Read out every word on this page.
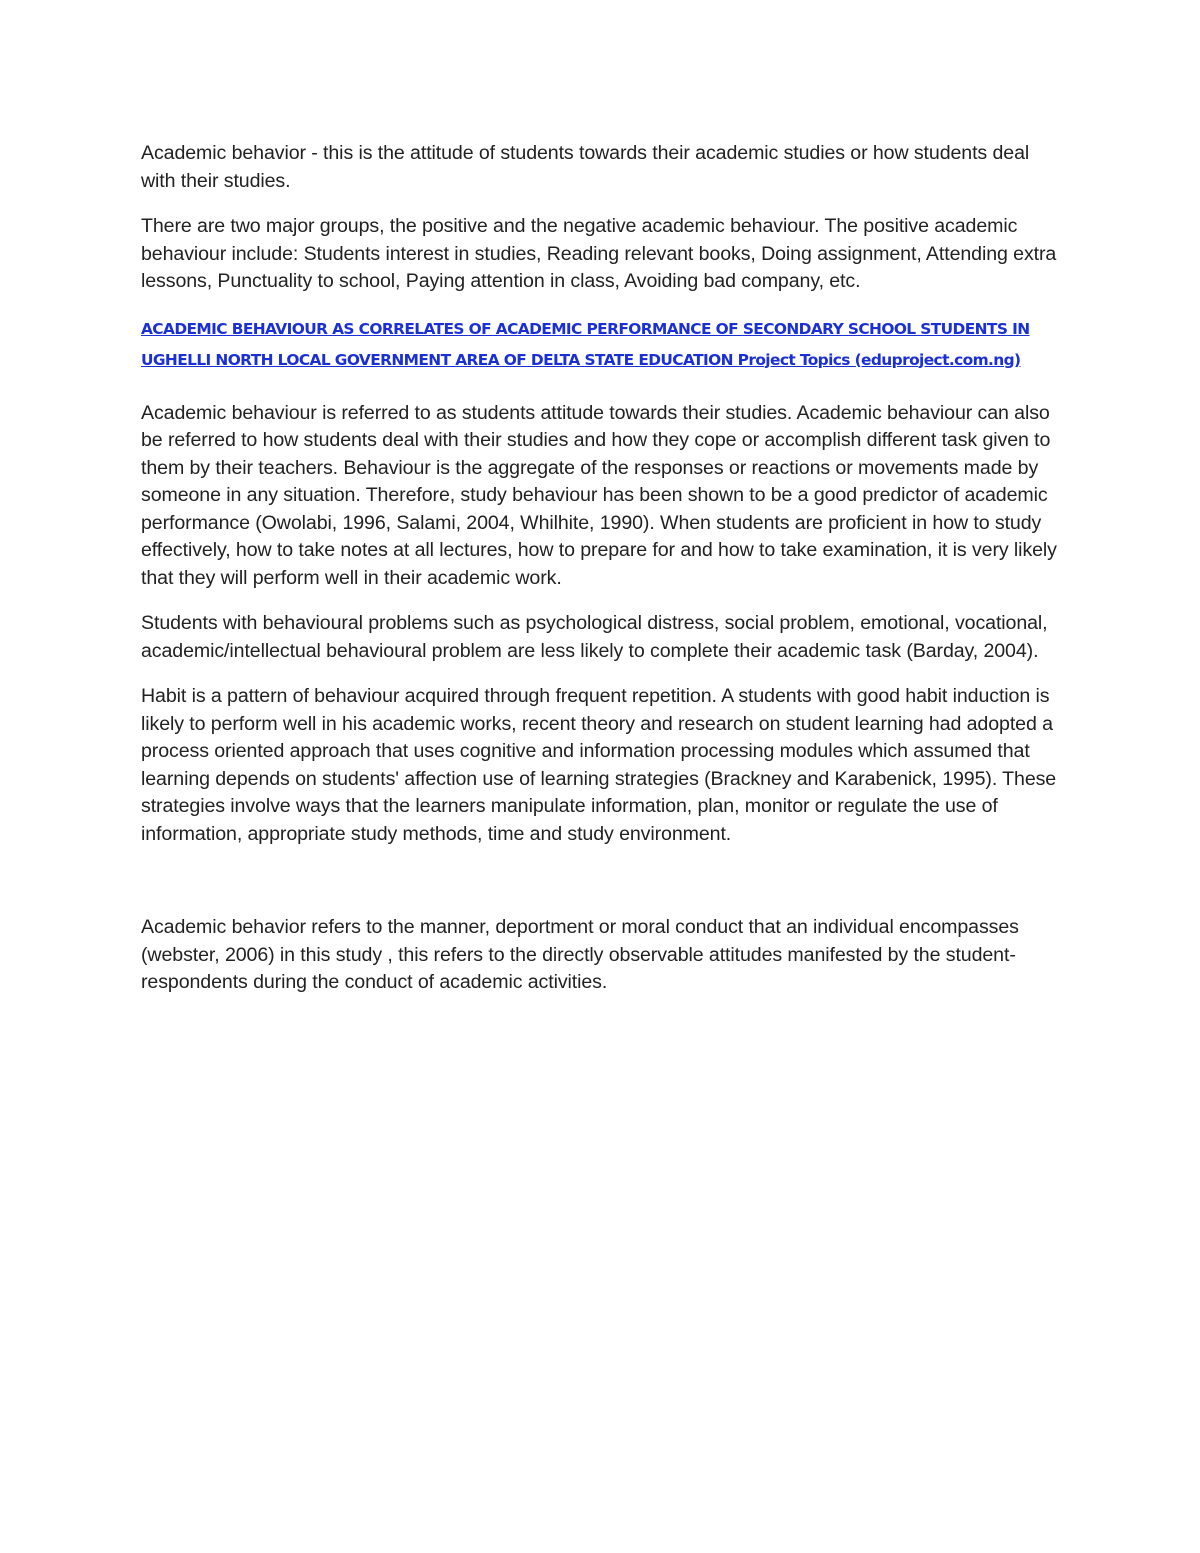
Academic behavior - this is the attitude of students towards their academic studies or how students deal with their studies.

There are two major groups, the positive and the negative academic behaviour. The positive academic behaviour include: Students interest in studies, Reading relevant books, Doing assignment, Attending extra lessons, Punctuality to school, Paying attention in class, Avoiding bad company, etc.

ACADEMIC BEHAVIOUR AS CORRELATES OF ACADEMIC PERFORMANCE OF SECONDARY SCHOOL STUDENTS IN UGHELLI NORTH LOCAL GOVERNMENT AREA OF DELTA STATE EDUCATION Project Topics (eduproject.com.ng)

Academic behaviour is referred to as students attitude towards their studies. Academic behaviour can also be referred to how students deal with their studies and how they cope or accomplish different task given to them by their teachers. Behaviour is the aggregate of the responses or reactions or movements made by someone in any situation. Therefore, study behaviour has been shown to be a good predictor of academic performance (Owolabi, 1996, Salami, 2004, Whilhite, 1990). When students are proficient in how to study effectively, how to take notes at all lectures, how to prepare for and how to take examination, it is very likely that they will perform well in their academic work.

Students with behavioural problems such as psychological distress, social problem, emotional, vocational, academic/intellectual behavioural problem are less likely to complete their academic task (Barday, 2004).

Habit is a pattern of behaviour acquired through frequent repetition. A students with good habit induction is likely to perform well in his academic works, recent theory and research on student learning had adopted a process oriented approach that uses cognitive and information processing modules which assumed that learning depends on students' affection use of learning strategies (Brackney and Karabenick, 1995). These strategies involve ways that the learners manipulate information, plan, monitor or regulate the use of information, appropriate study methods, time and study environment.

Academic behavior refers to the manner, deportment or moral conduct that an individual encompasses (webster, 2006) in this study , this refers to the directly observable attitudes manifested by the student-respondents during the conduct of academic activities.
